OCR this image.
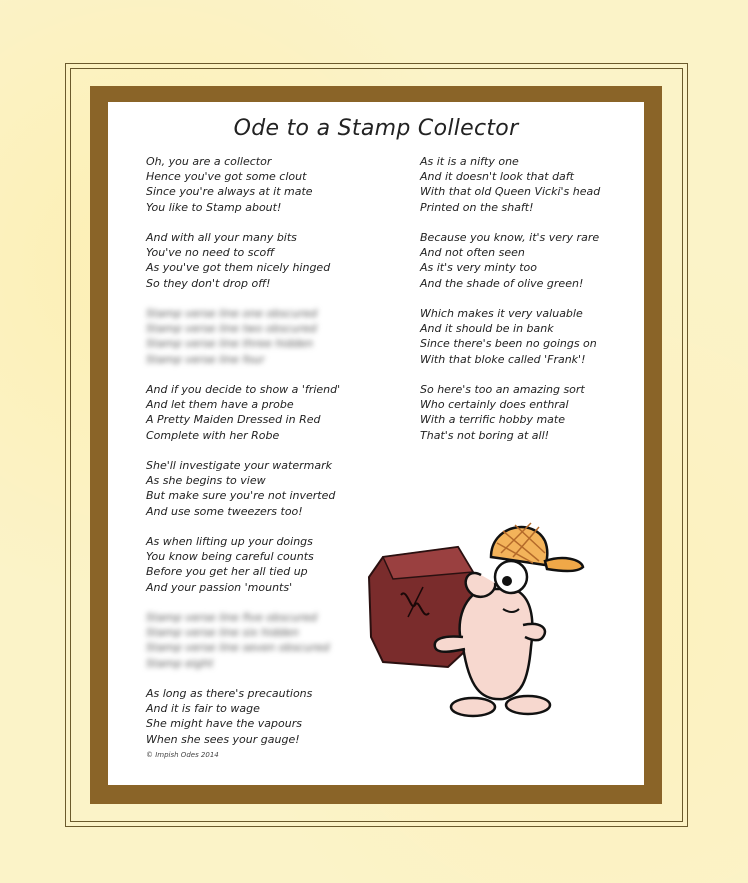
Ode to a Stamp Collector
Oh, you are a collector
Hence you've got some clout
Since you're always at it mate
You like to Stamp about!
And with all your many bits
You've no need to scoff
As you've got them nicely hinged
So they don't drop off!
Stamp verse line one obscured
Stamp verse line two obscured
Stamp verse line three hidden
Stamp verse line four
And if you decide to show a 'friend'
And let them have a probe
A Pretty Maiden Dressed in Red
Complete with her Robe
She'll investigate your watermark
As she begins to view
But make sure you're not inverted
And use some tweezers too!
As when lifting up your doings
You know being careful counts
Before you get her all tied up
And your passion 'mounts'
Stamp verse line five obscured
Stamp verse line six hidden
Stamp verse line seven obscured
Stamp eight
As long as there's precautions
And it is fair to wage
She might have the vapours
When she sees your gauge!
As it is a nifty one
And it doesn't look that daft
With that old Queen Vicki's head
Printed on the shaft!
Because you know, it's very rare
And not often seen
As it's very minty too
And the shade of olive green!
Which makes it very valuable
And it should be in bank
Since there's been no goings on
With that bloke called 'Frank'!
So here's too an amazing sort
Who certainly does enthral
With a terrific hobby mate
That's not boring at all!
© Impish Odes 2014
